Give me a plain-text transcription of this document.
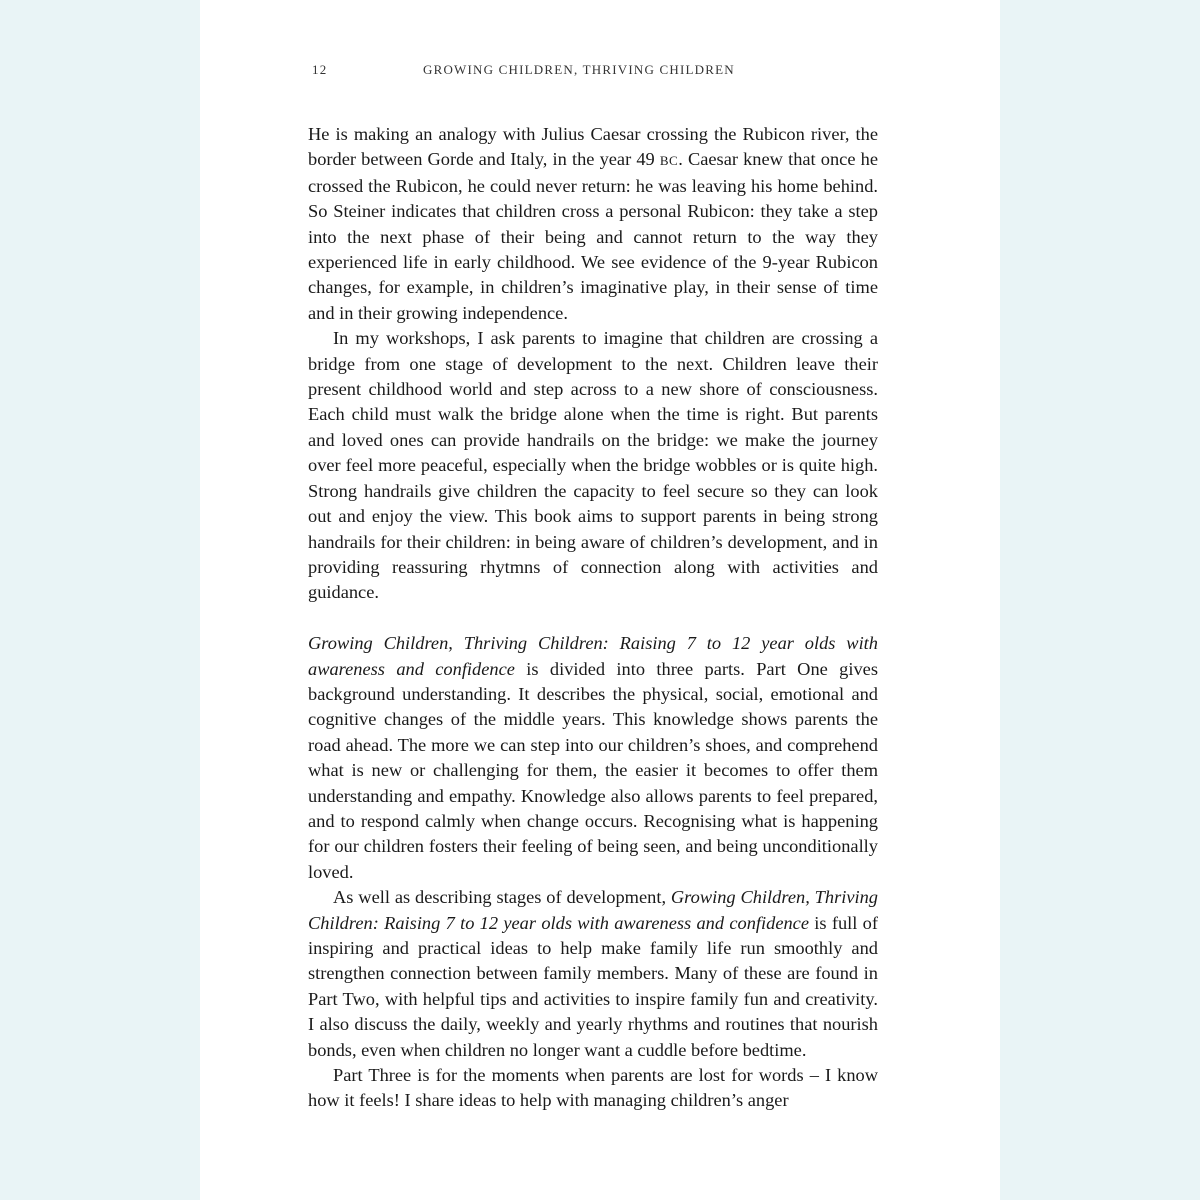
12	GROWING CHILDREN, THRIVING CHILDREN

He is making an analogy with Julius Caesar crossing the Rubicon river, the border between Gorde and Italy, in the year 49 BC. Caesar knew that once he crossed the Rubicon, he could never return: he was leaving his home behind. So Steiner indicates that children cross a personal Rubicon: they take a step into the next phase of their being and cannot return to the way they experienced life in early childhood. We see evidence of the 9-year Rubicon changes, for example, in children’s imaginative play, in their sense of time and in their growing independence.

In my workshops, I ask parents to imagine that children are crossing a bridge from one stage of development to the next. Children leave their present childhood world and step across to a new shore of consciousness. Each child must walk the bridge alone when the time is right. But parents and loved ones can provide handrails on the bridge: we make the journey over feel more peaceful, especially when the bridge wobbles or is quite high. Strong handrails give children the capacity to feel secure so they can look out and enjoy the view. This book aims to support parents in being strong handrails for their children: in being aware of children’s development, and in providing reassuring rhytmns of connection along with activities and guidance.

Growing Children, Thriving Children: Raising 7 to 12 year olds with awareness and confidence is divided into three parts. Part One gives background understanding. It describes the physical, social, emotional and cognitive changes of the middle years. This knowledge shows parents the road ahead. The more we can step into our children’s shoes, and comprehend what is new or challenging for them, the easier it becomes to offer them understanding and empathy. Knowledge also allows parents to feel prepared, and to respond calmly when change occurs. Recognising what is happening for our children fosters their feeling of being seen, and being unconditionally loved.

As well as describing stages of development, Growing Children, Thriving Children: Raising 7 to 12 year olds with awareness and confidence is full of inspiring and practical ideas to help make family life run smoothly and strengthen connection between family members. Many of these are found in Part Two, with helpful tips and activities to inspire family fun and creativity. I also discuss the daily, weekly and yearly rhythms and routines that nourish bonds, even when children no longer want a cuddle before bedtime.

Part Three is for the moments when parents are lost for words – I know how it feels! I share ideas to help with managing children’s anger
